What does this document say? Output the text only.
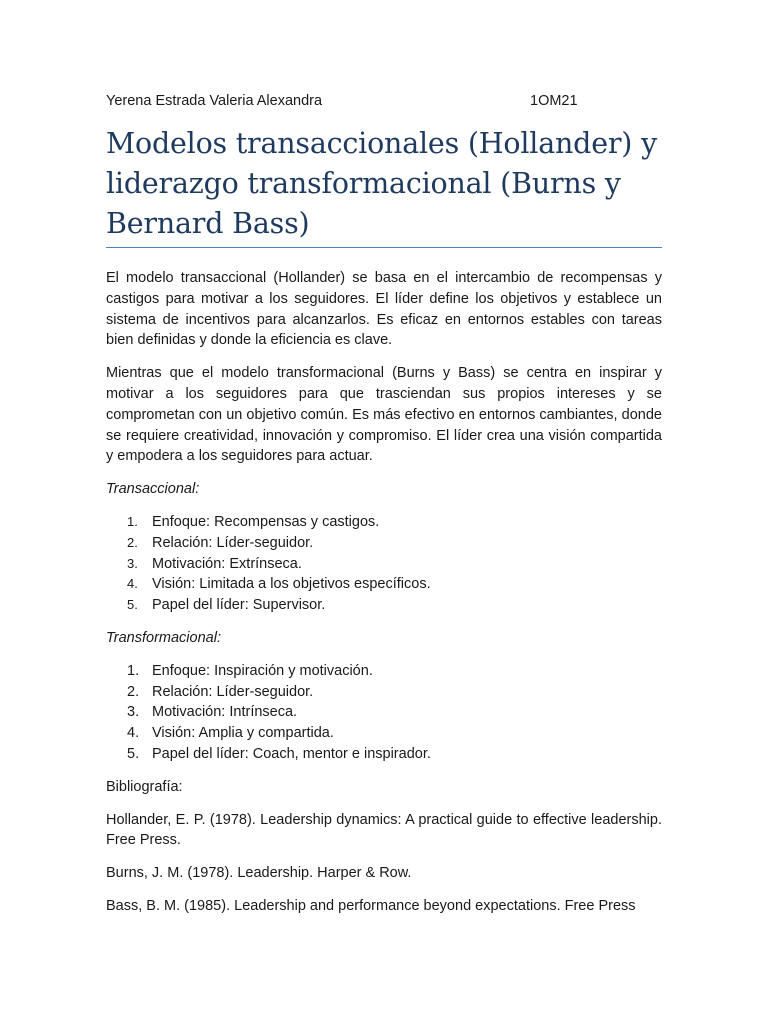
Yerena Estrada Valeria Alexandra	1OM21
Modelos transaccionales (Hollander) y liderazgo transformacional (Burns y Bernard Bass)

El modelo transaccional (Hollander) se basa en el intercambio de recompensas y castigos para motivar a los seguidores. El líder define los objetivos y establece un sistema de incentivos para alcanzarlos. Es eficaz en entornos estables con tareas bien definidas y donde la eficiencia es clave.

Mientras que el modelo transformacional (Burns y Bass) se centra en inspirar y motivar a los seguidores para que trasciendan sus propios intereses y se comprometan con un objetivo común. Es más efectivo en entornos cambiantes, donde se requiere creatividad, innovación y compromiso. El líder crea una visión compartida y empodera a los seguidores para actuar.

Transaccional:

1. Enfoque: Recompensas y castigos.
2. Relación: Líder-seguidor.
3. Motivación: Extrínseca.
4. Visión: Limitada a los objetivos específicos.
5. Papel del líder: Supervisor.

Transformacional:

1. Enfoque: Inspiración y motivación.
2. Relación: Líder-seguidor.
3. Motivación: Intrínseca.
4. Visión: Amplia y compartida.
5. Papel del líder: Coach, mentor e inspirador.

Bibliografía:

Hollander, E. P. (1978). Leadership dynamics: A practical guide to effective leadership. Free Press.

Burns, J. M. (1978). Leadership. Harper & Row.

Bass, B. M. (1985). Leadership and performance beyond expectations. Free Press
